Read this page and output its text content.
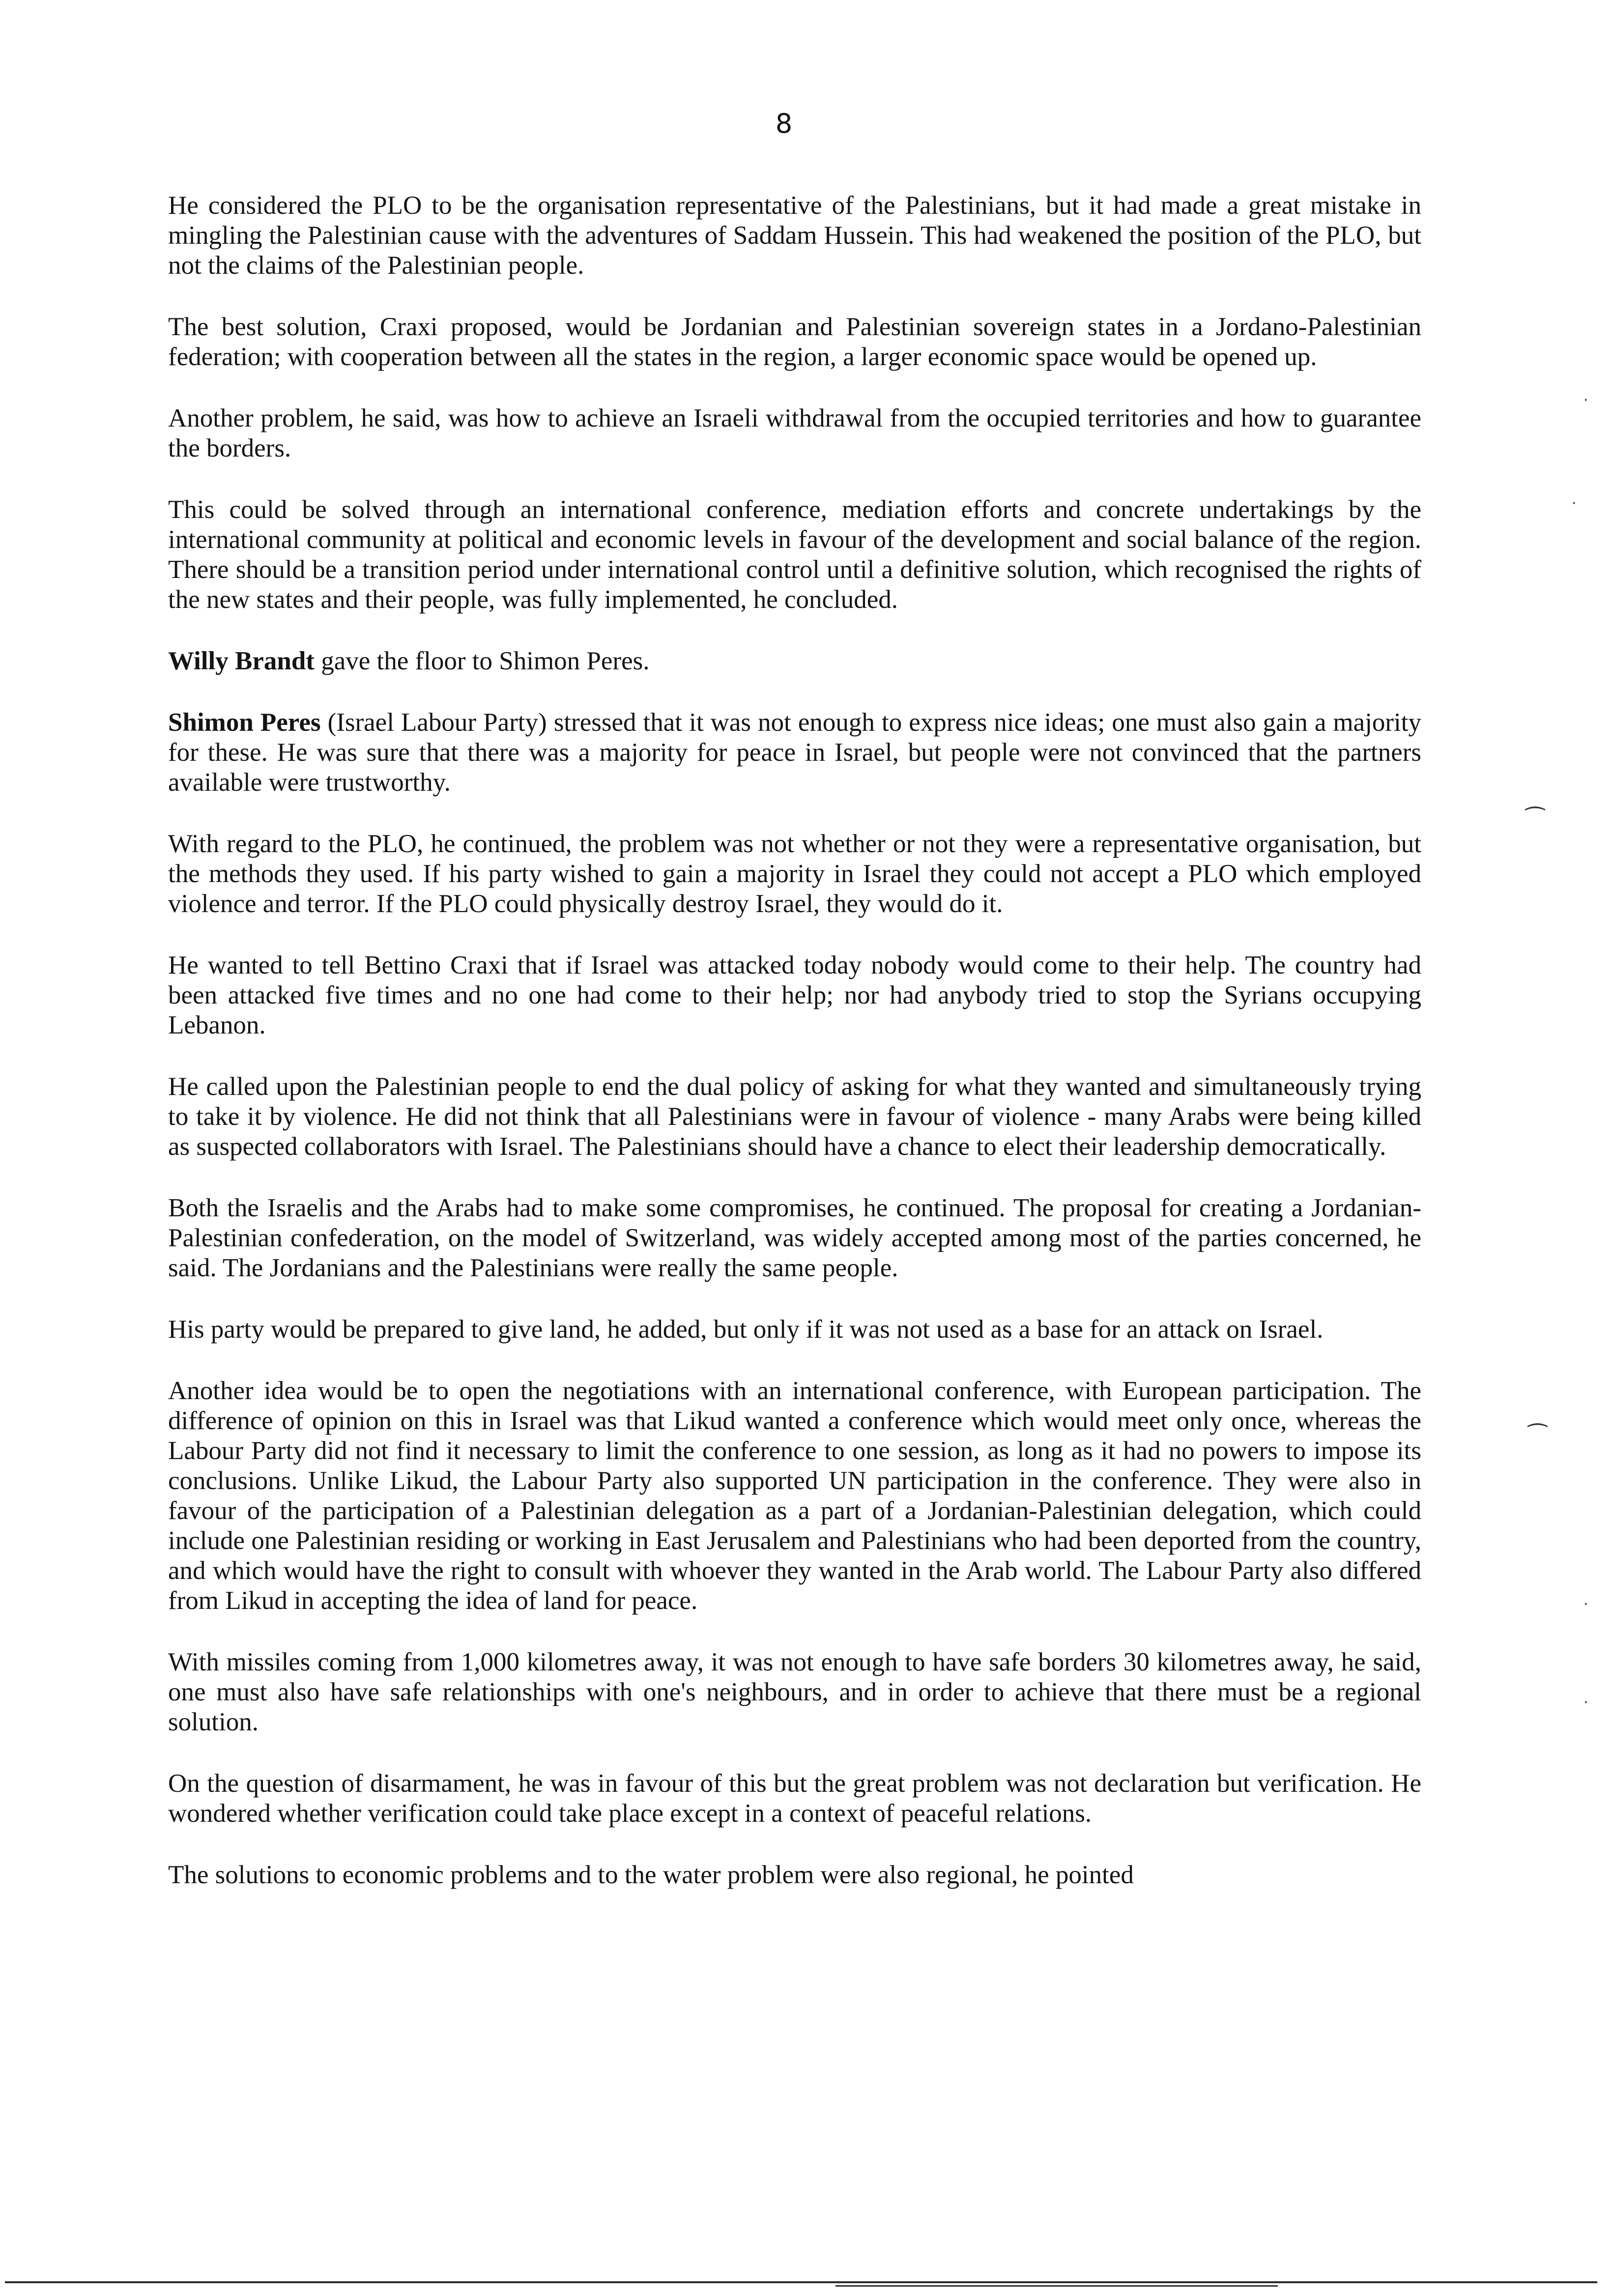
8

He considered the PLO to be the organisation representative of the Palestinians, but it had made a great mistake in mingling the Palestinian cause with the adventures of Saddam Hussein. This had weakened the position of the PLO, but not the claims of the Palestinian people.

The best solution, Craxi proposed, would be Jordanian and Palestinian sovereign states in a Jordano-Palestinian federation; with cooperation between all the states in the region, a larger economic space would be opened up.

Another problem, he said, was how to achieve an Israeli withdrawal from the occupied territories and how to guarantee the borders.

This could be solved through an international conference, mediation efforts and concrete undertakings by the international community at political and economic levels in favour of the development and social balance of the region. There should be a transition period under international control until a definitive solution, which recognised the rights of the new states and their people, was fully implemented, he concluded.

Willy Brandt gave the floor to Shimon Peres.

Shimon Peres (Israel Labour Party) stressed that it was not enough to express nice ideas; one must also gain a majority for these. He was sure that there was a majority for peace in Israel, but people were not convinced that the partners available were trustworthy.

With regard to the PLO, he continued, the problem was not whether or not they were a representative organisation, but the methods they used. If his party wished to gain a majority in Israel they could not accept a PLO which employed violence and terror. If the PLO could physically destroy Israel, they would do it.

He wanted to tell Bettino Craxi that if Israel was attacked today nobody would come to their help. The country had been attacked five times and no one had come to their help; nor had anybody tried to stop the Syrians occupying Lebanon.

He called upon the Palestinian people to end the dual policy of asking for what they wanted and simultaneously trying to take it by violence. He did not think that all Palestinians were in favour of violence - many Arabs were being killed as suspected collaborators with Israel. The Palestinians should have a chance to elect their leadership democratically.

Both the Israelis and the Arabs had to make some compromises, he continued. The proposal for creating a Jordanian-Palestinian confederation, on the model of Switzerland, was widely accepted among most of the parties concerned, he said. The Jordanians and the Palestinians were really the same people.

His party would be prepared to give land, he added, but only if it was not used as a base for an attack on Israel.

Another idea would be to open the negotiations with an international conference, with European participation. The difference of opinion on this in Israel was that Likud wanted a conference which would meet only once, whereas the Labour Party did not find it necessary to limit the conference to one session, as long as it had no powers to impose its conclusions. Unlike Likud, the Labour Party also supported UN participation in the conference. They were also in favour of the participation of a Palestinian delegation as a part of a Jordanian-Palestinian delegation, which could include one Palestinian residing or working in East Jerusalem and Palestinians who had been deported from the country, and which would have the right to consult with whoever they wanted in the Arab world. The Labour Party also differed from Likud in accepting the idea of land for peace.

With missiles coming from 1,000 kilometres away, it was not enough to have safe borders 30 kilometres away, he said, one must also have safe relationships with one's neighbours, and in order to achieve that there must be a regional solution.

On the question of disarmament, he was in favour of this but the great problem was not declaration but verification. He wondered whether verification could take place except in a context of peaceful relations.

The solutions to economic problems and to the water problem were also regional, he pointed

·
·
⁀
⁀
·
·
